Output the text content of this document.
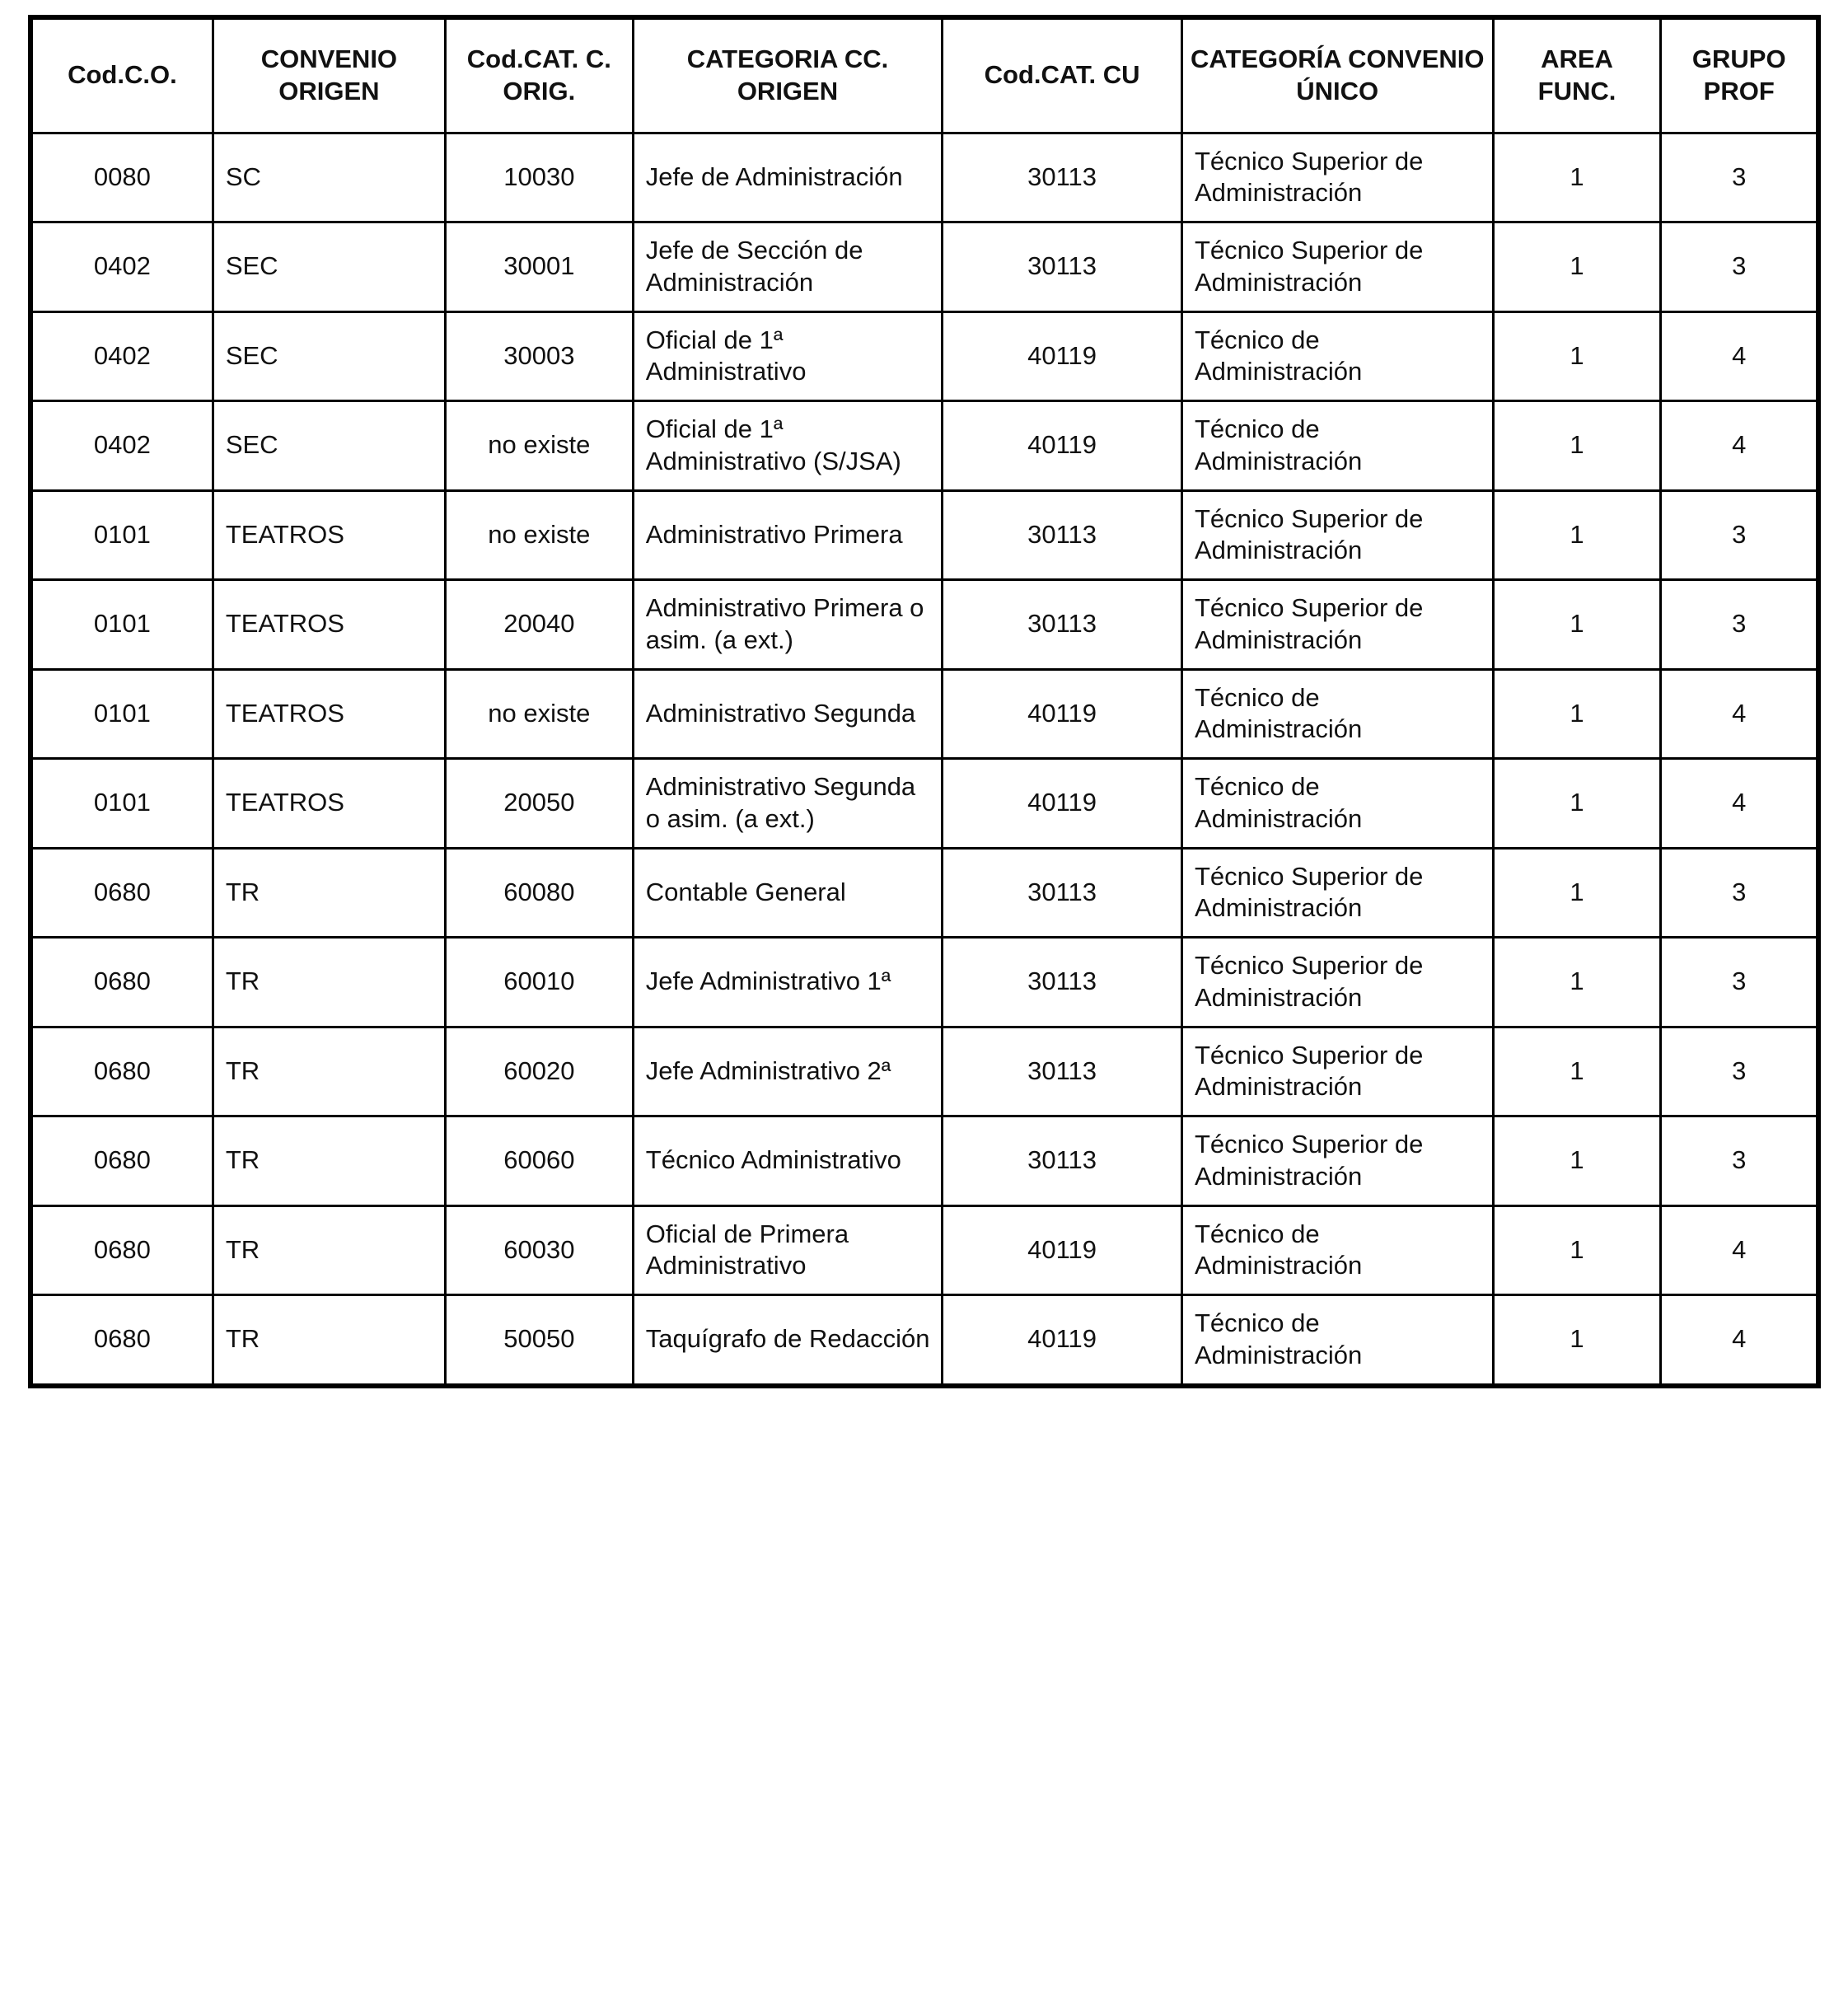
Cod.C.O.	CONVENIO ORIGEN	Cod.CAT. C. ORIG.	CATEGORIA CC. ORIGEN	Cod.CAT. CU	CATEGORÍA CONVENIO ÚNICO	AREA FUNC.	GRUPO PROF
0080	SC	10030	Jefe de Administración	30113	Técnico Superior de Administración	1	3
0402	SEC	30001	Jefe de Sección de Administración	30113	Técnico Superior de Administración	1	3
0402	SEC	30003	Oficial de 1ª Administrativo	40119	Técnico de Administración	1	4
0402	SEC	no existe	Oficial de 1ª Administrativo (S/JSA)	40119	Técnico de Administración	1	4
0101	TEATROS	no existe	Administrativo Primera	30113	Técnico Superior de Administración	1	3
0101	TEATROS	20040	Administrativo Primera o asim. (a ext.)	30113	Técnico Superior de Administración	1	3
0101	TEATROS	no existe	Administrativo Segunda	40119	Técnico de Administración	1	4
0101	TEATROS	20050	Administrativo Segunda o asim. (a ext.)	40119	Técnico de Administración	1	4
0680	TR	60080	Contable General	30113	Técnico Superior de Administración	1	3
0680	TR	60010	Jefe Administrativo 1ª	30113	Técnico Superior de Administración	1	3
0680	TR	60020	Jefe Administrativo 2ª	30113	Técnico Superior de Administración	1	3
0680	TR	60060	Técnico Administrativo	30113	Técnico Superior de Administración	1	3
0680	TR	60030	Oficial de Primera Administrativo	40119	Técnico de Administración	1	4
0680	TR	50050	Taquígrafo de Redacción	40119	Técnico de Administración	1	4
